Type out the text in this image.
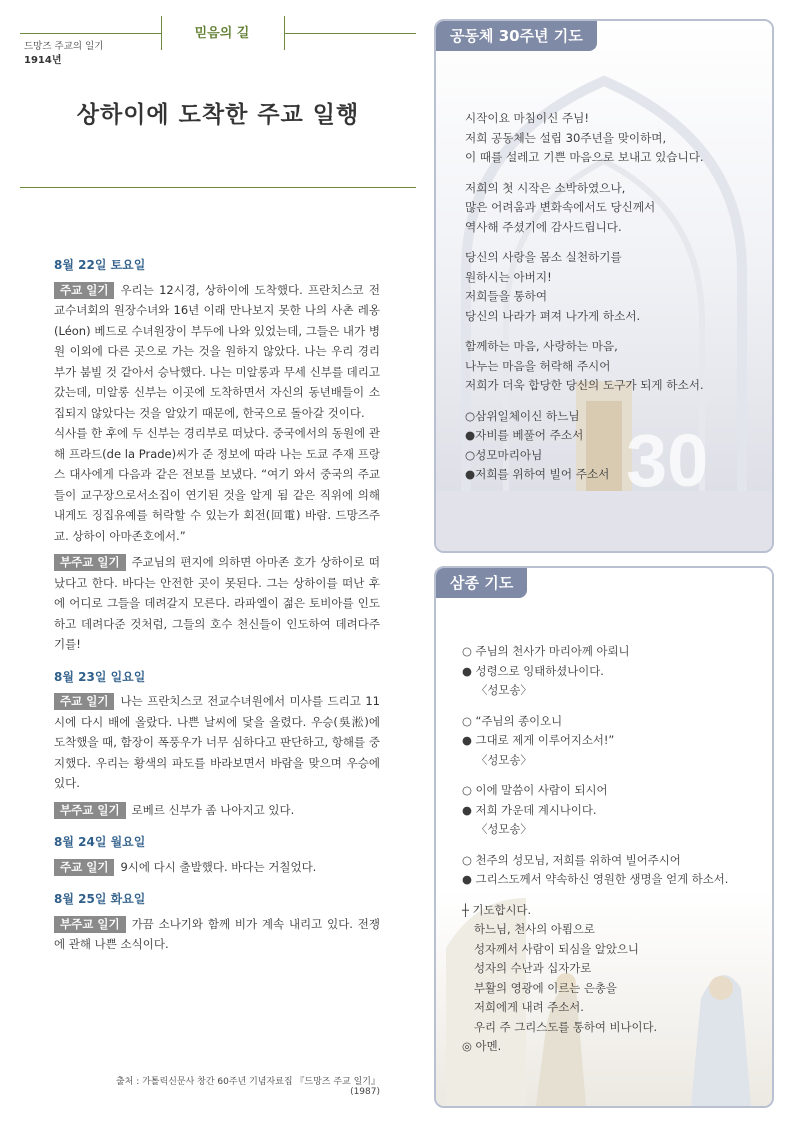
믿음의 길
드망즈 주교의 일기
1914년
상하이에 도착한 주교 일행
8월 22일 토요일

주교 일기 우리는 12시경, 상하이에 도착했다. 프란치스코 전교수녀회의 원장수녀와 16년 이래 만나보지 못한 나의 사촌 레옹(Léon) 베드로 수녀원장이 부두에 나와 있었는데, 그들은 내가 병원 이외에 다른 곳으로 가는 것을 원하지 않았다. 나는 우리 경리부가 붐빌 것 같아서 승낙했다. 나는 미알롱과 무세 신부를 데리고 갔는데, 미알롱 신부는 이곳에 도착하면서 자신의 동년배들이 소집되지 않았다는 것을 알았기 때문에, 한국으로 돌아갈 것이다.
식사를 한 후에 두 신부는 경리부로 떠났다. 중국에서의 동원에 관해 프라드(de la Prade)씨가 준 정보에 따라 나는 도쿄 주재 프랑스 대사에게 다음과 같은 전보를 보냈다. “여기 와서 중국의 주교들이 교구장으로서소집이 연기된 것을 알게 됨 같은 직위에 의해 내게도 징집유예를 허락할 수 있는가 회전(回電) 바람. 드망즈주교. 상하이 아마존호에서.”

부주교 일기 주교님의 편지에 의하면 아마존 호가 상하이로 떠났다고 한다. 바다는 안전한 곳이 못된다. 그는 상하이를 떠난 후에 어디로 그들을 데려갈지 모른다. 라파엘이 젊은 토비아를 인도하고 데려다준 것처럼, 그들의 호수 천신들이 인도하여 데려다주기를!

8월 23일 일요일

주교 일기 나는 프란치스코 전교수녀원에서 미사를 드리고 11시에 다시 배에 올랐다. 나쁜 날씨에 닻을 올렸다. 우승(吳淞)에 도착했을 때, 함장이 폭풍우가 너무 심하다고 판단하고, 항해를 중지했다. 우리는 황색의 파도를 바라보면서 바람을 맞으며 우승에 있다.

부주교 일기 로베르 신부가 좀 나아지고 있다.

8월 24일 월요일

주교 일기 9시에 다시 출발했다. 바다는 거칠었다.

8월 25일 화요일

부주교 일기 가끔 소나기와 함께 비가 계속 내리고 있다. 전쟁에 관해 나쁜 소식이다.

출처 : 가톨릭신문사 창간 60주년 기념자료집 『드망즈 주교 일기』(1987)
30
공동체 30주년 기도
시작이요 마침이신 주님!
저희 공동체는 설립 30주년을 맞이하며,
이 때를 설레고 기쁜 마음으로 보내고 있습니다.
저희의 첫 시작은 소박하였으나,
많은 어려움과 변화속에서도 당신께서
역사해 주셨기에 감사드립니다.
당신의 사랑을 몸소 실천하기를
원하시는 아버지!
저희들을 통하여
당신의 나라가 펴져 나가게 하소서.
함께하는 마음, 사랑하는 마음,
나누는 마음을 허락해 주시어
저희가 더욱 합당한 당신의 도구가 되게 하소서.
○삼위일체이신 하느님
●자비를 베풀어 주소서
○성모마리아님
●저희를 위하여 빌어 주소서
삼종 기도
○ 주님의 천사가 마리아께 아뢰니
● 성령으로 잉태하셨나이다.
〈성모송〉
○ “주님의 종이오니
● 그대로 제게 이루어지소서!”
〈성모송〉
○ 이에 말씀이 사람이 되시어
● 저희 가운데 계시나이다.
〈성모송〉
○ 천주의 성모님, 저희를 위하여 빌어주시어
● 그리스도께서 약속하신 영원한 생명을 얻게 하소서.
┼ 기도합시다.
하느님, 천사의 아룀으로
성자께서 사람이 되심을 알았으니
성자의 수난과 십자가로
부활의 영광에 이르는 은총을
저희에게 내려 주소서.
우리 주 그리스도를 통하여 비나이다.
◎ 아멘.
